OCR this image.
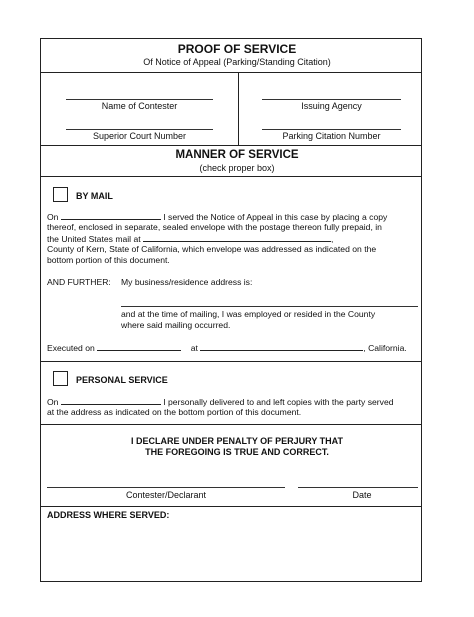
PROOF OF SERVICE
Of Notice of Appeal (Parking/Standing Citation)
Name of Contester	Issuing Agency
Superior Court Number	Parking Citation Number
MANNER OF SERVICE
(check proper box)
BY MAIL
On	I served the Notice of Appeal in this case by placing a copy
thereof, enclosed in separate, sealed envelope with the postage thereon fully prepaid, in
the United States mail at	,
County of Kern, State of California, which envelope was addressed as indicated on the
bottom portion of this document.
AND FURTHER: My business/residence address is:
and at the time of mailing, I was employed or resided in the County
where said mailing occurred.
Executed on	at	, California.
PERSONAL SERVICE
On	I personally delivered to and left copies with the party served
at the address as indicated on the bottom portion of this document.
I DECLARE UNDER PENALTY OF PERJURY THAT
THE FOREGOING IS TRUE AND CORRECT.
Contester/Declarant	Date
ADDRESS WHERE SERVED:
